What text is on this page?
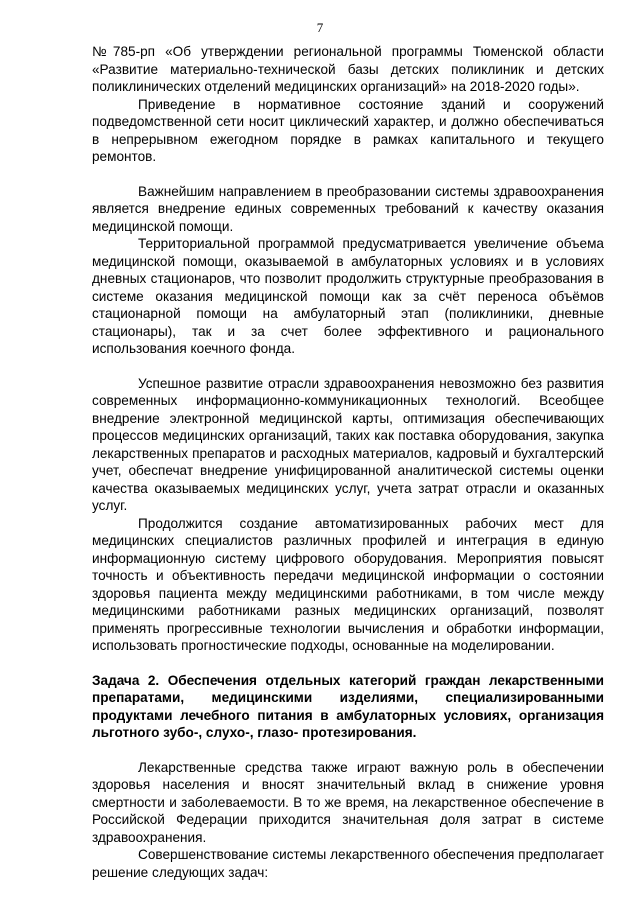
7

№785-рп «Об утверждении региональной программы Тюменской области «Развитие материально-технической базы детских поликлиник и детских поликлинических отделений медицинских организаций» на 2018-2020 годы».

Приведение в нормативное состояние зданий и сооружений подведомственной сети носит циклический характер, и должно обеспечиваться в непрерывном ежегодном порядке в рамках капитального и текущего ремонтов.

Важнейшим направлением в преобразовании системы здравоохранения является внедрение единых современных требований к качеству оказания медицинской помощи.

Территориальной программой предусматривается увеличение объема медицинской помощи, оказываемой в амбулаторных условиях и в условиях дневных стационаров, что позволит продолжить структурные преобразования в системе оказания медицинской помощи как за счёт переноса объёмов стационарной помощи на амбулаторный этап (поликлиники, дневные стационары), так и за счет более эффективного и рационального использования коечного фонда.

Успешное развитие отрасли здравоохранения невозможно без развития современных информационно-коммуникационных технологий. Всеобщее внедрение электронной медицинской карты, оптимизация обеспечивающих процессов медицинских организаций, таких как поставка оборудования, закупка лекарственных препаратов и расходных материалов, кадровый и бухгалтерский учет, обеспечат внедрение унифицированной аналитической системы оценки качества оказываемых медицинских услуг, учета затрат отрасли и оказанных услуг.

Продолжится создание автоматизированных рабочих мест для медицинских специалистов различных профилей и интеграция в единую информационную систему цифрового оборудования. Мероприятия повысят точность и объективность передачи медицинской информации о состоянии здоровья пациента между медицинскими работниками, в том числе между медицинскими работниками разных медицинских организаций, позволят применять прогрессивные технологии вычисления и обработки информации, использовать прогностические подходы, основанные на моделировании.

Задача 2. Обеспечения отдельных категорий граждан лекарственными препаратами, медицинскими изделиями, специализированными продуктами лечебного питания в амбулаторных условиях, организация льготного зубо-, слухо-, глазо- протезирования.

Лекарственные средства также играют важную роль в обеспечении здоровья населения и вносят значительный вклад в снижение уровня смертности и заболеваемости. В то же время, на лекарственное обеспечение в Российской Федерации приходится значительная доля затрат в системе здравоохранения.

Совершенствование системы лекарственного обеспечения предполагает решение следующих задач:
